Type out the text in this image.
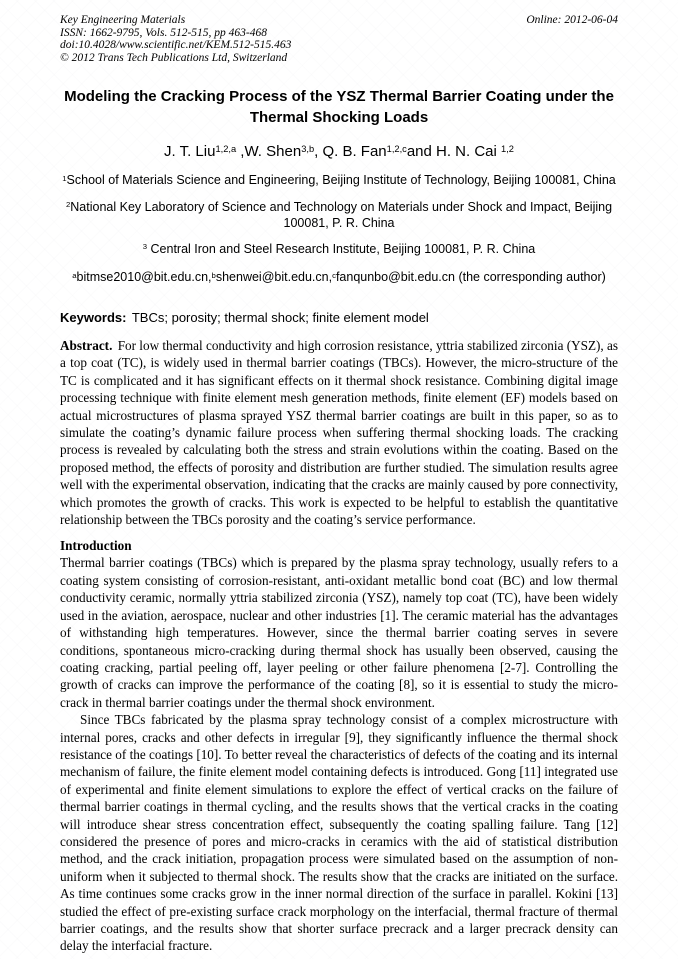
Key Engineering Materials
ISSN: 1662-9795, Vols. 512-515, pp 463-468
doi:10.4028/www.scientific.net/KEM.512-515.463
© 2012 Trans Tech Publications Ltd, Switzerland
Online: 2012-06-04
Modeling the Cracking Process of the YSZ Thermal Barrier Coating under the Thermal Shocking Loads
J. T. Liu$^{1,2,a}$ ,W. Shen$^{3,b}$, Q. B. Fan$^{1,2,c}$and H. N. Cai $^{1,2}$
$^1$School of Materials Science and Engineering, Beijing Institute of Technology, Beijing 100081, China
$^2$National Key Laboratory of Science and Technology on Materials under Shock and Impact, Beijing 100081, P. R. China
$^3$ Central Iron and Steel Research Institute, Beijing 100081, P. R. China
$^a$bitmse2010@bit.edu.cn,$^b$shenwei@bit.edu.cn,$^c$fanqunbo@bit.edu.cn (the corresponding author)
Keywords: TBCs; porosity; thermal shock; finite element model

Abstract. For low thermal conductivity and high corrosion resistance, yttria stabilized zirconia (YSZ), as a top coat (TC), is widely used in thermal barrier coatings (TBCs). However, the micro-structure of the TC is complicated and it has significant effects on it thermal shock resistance. Combining digital image processing technique with finite element mesh generation methods, finite element (EF) models based on actual microstructures of plasma sprayed YSZ thermal barrier coatings are built in this paper, so as to simulate the coating’s dynamic failure process when suffering thermal shocking loads. The cracking process is revealed by calculating both the stress and strain evolutions within the coating. Based on the proposed method, the effects of porosity and distribution are further studied. The simulation results agree well with the experimental observation, indicating that the cracks are mainly caused by pore connectivity, which promotes the growth of cracks. This work is expected to be helpful to establish the quantitative relationship between the TBCs porosity and the coating’s service performance.

Introduction

Thermal barrier coatings (TBCs) which is prepared by the plasma spray technology, usually refers to a coating system consisting of corrosion-resistant, anti-oxidant metallic bond coat (BC) and low thermal conductivity ceramic, normally yttria stabilized zirconia (YSZ), namely top coat (TC), have been widely used in the aviation, aerospace, nuclear and other industries [1]. The ceramic material has the advantages of withstanding high temperatures. However, since the thermal barrier coating serves in severe conditions, spontaneous micro-cracking during thermal shock has usually been observed, causing the coating cracking, partial peeling off, layer peeling or other failure phenomena [2-7]. Controlling the growth of cracks can improve the performance of the coating [8], so it is essential to study the micro-crack in thermal barrier coatings under the thermal shock environment.

Since TBCs fabricated by the plasma spray technology consist of a complex microstructure with internal pores, cracks and other defects in irregular [9], they significantly influence the thermal shock resistance of the coatings [10]. To better reveal the characteristics of defects of the coating and its internal mechanism of failure, the finite element model containing defects is introduced. Gong [11] integrated use of experimental and finite element simulations to explore the effect of vertical cracks on the failure of thermal barrier coatings in thermal cycling, and the results shows that the vertical cracks in the coating will introduce shear stress concentration effect, subsequently the coating spalling failure. Tang [12] considered the presence of pores and micro-cracks in ceramics with the aid of statistical distribution method, and the crack initiation, propagation process were simulated based on the assumption of non-uniform when it subjected to thermal shock. The results show that the cracks are initiated on the surface. As time continues some cracks grow in the inner normal direction of the surface in parallel. Kokini [13] studied the effect of pre-existing surface crack morphology on the interfacial, thermal fracture of thermal barrier coatings, and the results show that shorter surface precrack and a larger precrack density can delay the interfacial fracture.
